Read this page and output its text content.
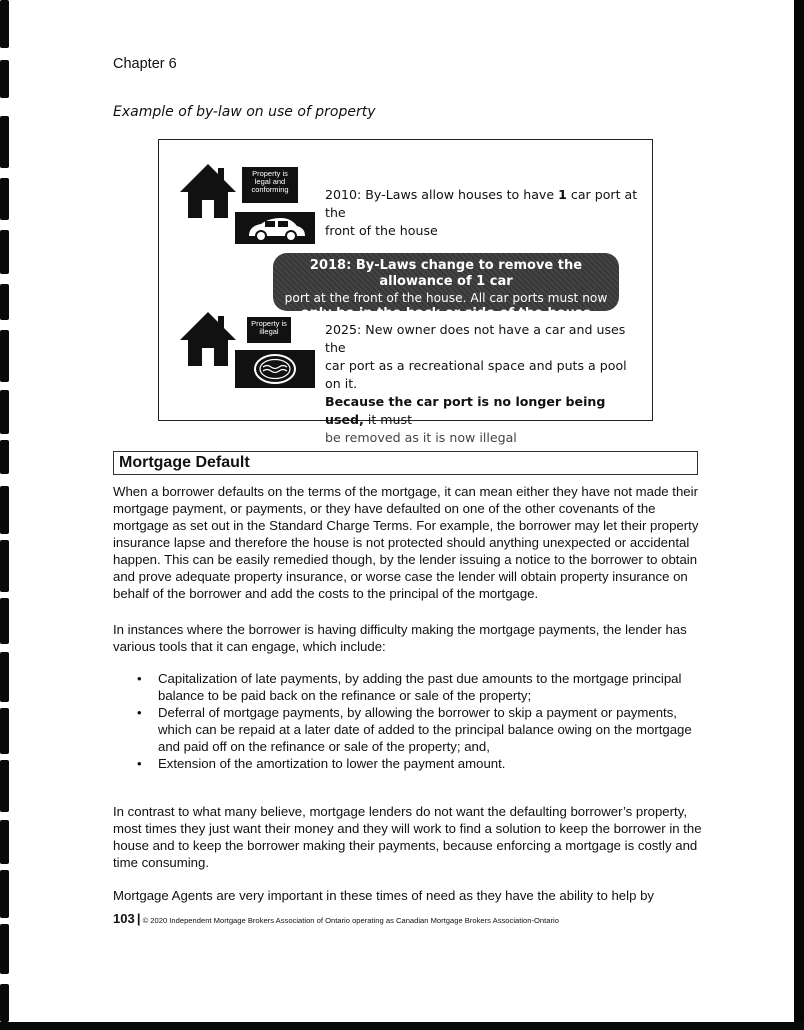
Chapter 6
Example of by-law on use of property
Property is
legal and
conforming	2010: By-Laws allow houses to have 1 car port at the
front of the house
2018: By-Laws change to remove the allowance of 1 car
port at the front of the house. All car ports must now
only be in the back or side of the house
Property is
illegal	2025: New owner does not have a car and uses the
car port as a recreational space and puts a pool on it.
Because the car port is no longer being used, it must
be removed as it is now illegal
Mortgage Default

When a borrower defaults on the terms of the mortgage, it can mean either they have not made their mortgage payment, or payments, or they have defaulted on one of the other covenants of the mortgage as set out in the Standard Charge Terms. For example, the borrower may let their property insurance lapse and therefore the house is not protected should anything unexpected or accidental happen. This can be easily remedied though, by the lender issuing a notice to the borrower to obtain and prove adequate property insurance, or worse case the lender will obtain property insurance on behalf of the borrower and add the costs to the principal of the mortgage.

In instances where the borrower is having difficulty making the mortgage payments, the lender has various tools that it can engage, which include:

• Capitalization of late payments, by adding the past due amounts to the mortgage principal balance to be paid back on the refinance or sale of the property;
• Deferral of mortgage payments, by allowing the borrower to skip a payment or payments, which can be repaid at a later date of added to the principal balance owing on the mortgage and paid off on the refinance or sale of the property; and,
• Extension of the amortization to lower the payment amount.

In contrast to what many believe, mortgage lenders do not want the defaulting borrower’s property, most times they just want their money and they will work to find a solution to keep the borrower in the house and to keep the borrower making their payments, because enforcing a mortgage is costly and time consuming.

Mortgage Agents are very important in these times of need as they have the ability to help by

103 | © 2020 Independent Mortgage Brokers Association of Ontario operating as Canadian Mortgage Brokers Association-Ontario
